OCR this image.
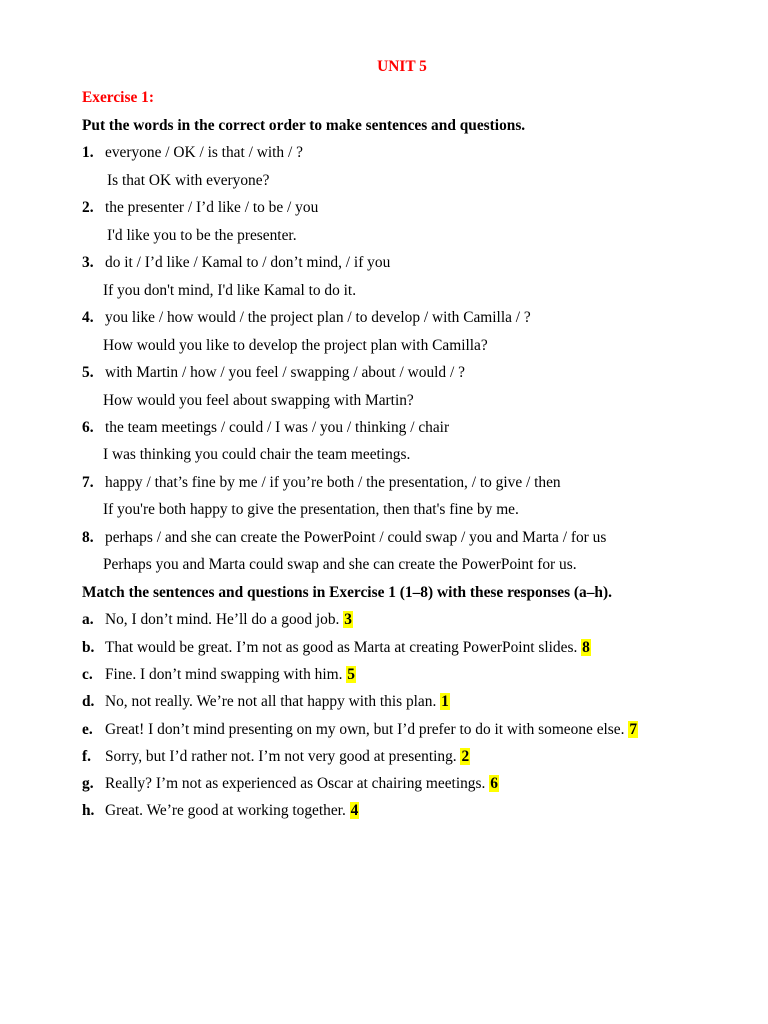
UNIT 5
Exercise 1:
Put the words in the correct order to make sentences and questions.
1. everyone / OK / is that / with / ?
Is that OK with everyone?
2. the presenter / I’d like / to be / you
I'd like you to be the presenter.
3. do it / I’d like / Kamal to / don’t mind, / if you
If you don't mind, I'd like Kamal to do it.
4. you like / how would / the project plan / to develop / with Camilla / ?
How would you like to develop the project plan with Camilla?
5. with Martin / how / you feel / swapping / about / would / ?
How would you feel about swapping with Martin?
6. the team meetings / could / I was / you / thinking / chair
I was thinking you could chair the team meetings.
7. happy / that’s fine by me / if you’re both / the presentation, / to give / then
If you're both happy to give the presentation, then that's fine by me.
8. perhaps / and she can create the PowerPoint / could swap / you and Marta / for us
Perhaps you and Marta could swap and she can create the PowerPoint for us.
Match the sentences and questions in Exercise 1 (1–8) with these responses (a–h).
a. No, I don’t mind. He’ll do a good job. 3
b. That would be great. I’m not as good as Marta at creating PowerPoint slides. 8
c. Fine. I don’t mind swapping with him. 5
d. No, not really. We’re not all that happy with this plan. 1
e. Great! I don’t mind presenting on my own, but I’d prefer to do it with someone else. 7
f. Sorry, but I’d rather not. I’m not very good at presenting. 2
g. Really? I’m not as experienced as Oscar at chairing meetings. 6
h. Great. We’re good at working together. 4
